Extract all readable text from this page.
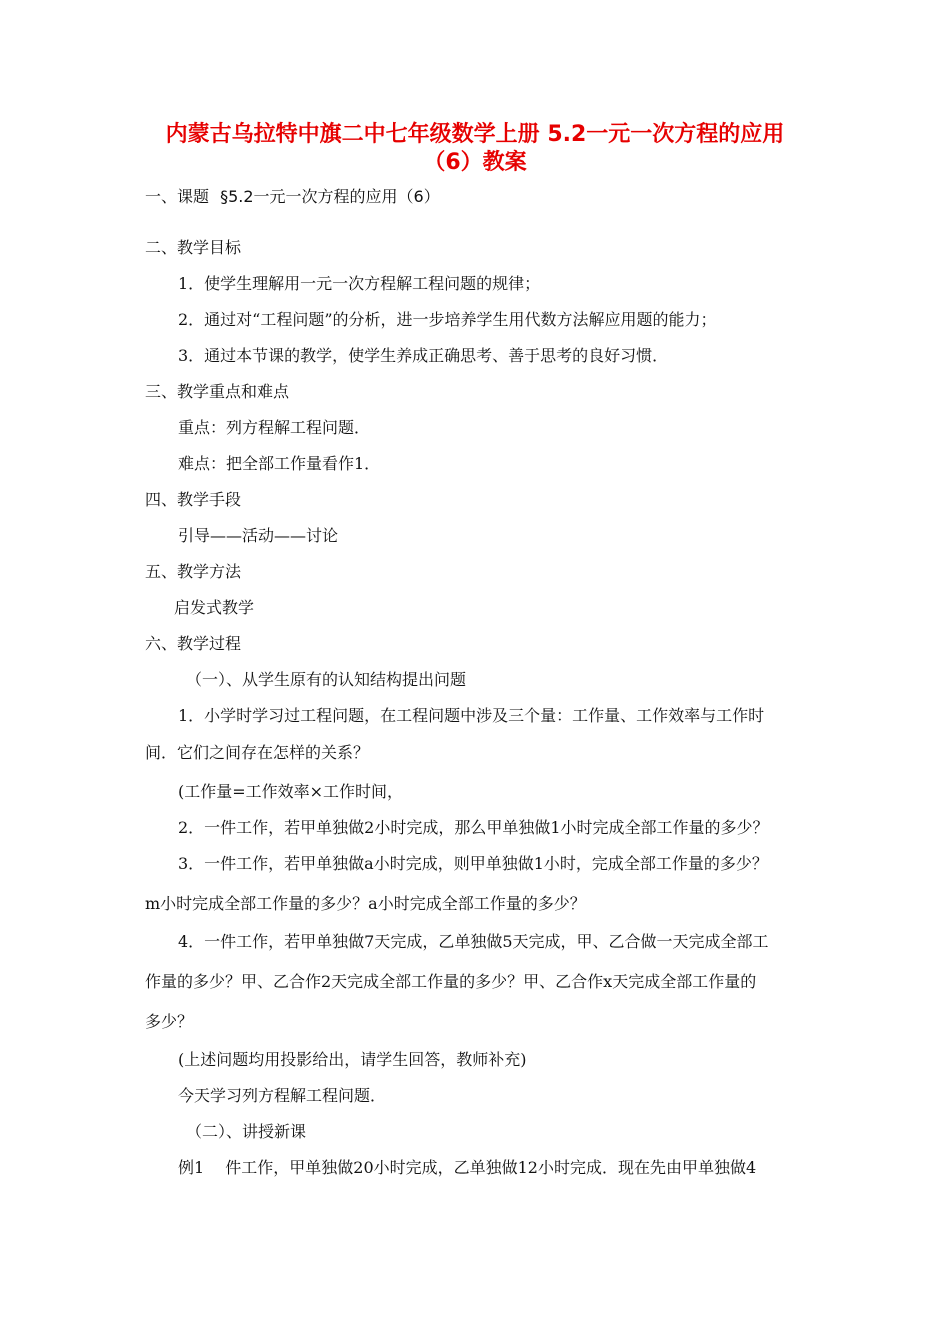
内蒙古乌拉特中旗二中七年级数学上册 5.2一元一次方程的应用
（6）教案

一、课题 §5.2一元一次方程的应用（6）

二、教学目标

1．使学生理解用一元一次方程解工程问题的规律；

2．通过对“工程问题”的分析，进一步培养学生用代数方法解应用题的能力；

3．通过本节课的教学，使学生养成正确思考、善于思考的良好习惯．

三、教学重点和难点

重点：列方程解工程问题．

难点：把全部工作量看作1．

四、教学手段

引导——活动——讨论

五、教学方法

启发式教学

六、教学过程

（一）、从学生原有的认知结构提出问题

1．小学时学习过工程问题，在工程问题中涉及三个量：工作量、工作效率与工作时

间．它们之间存在怎样的关系？

(工作量=工作效率×工作时间，

2．一件工作，若甲单独做2小时完成，那么甲单独做1小时完成全部工作量的多少？

3．一件工作，若甲单独做a小时完成，则甲单独做1小时，完成全部工作量的多少？

m小时完成全部工作量的多少？a小时完成全部工作量的多少？

4．一件工作，若甲单独做7天完成，乙单独做5天完成，甲、乙合做一天完成全部工

作量的多少？甲、乙合作2天完成全部工作量的多少？甲、乙合作x天完成全部工作量的

多少？

(上述问题均用投影给出，请学生回答，教师补充)

今天学习列方程解工程问题．

（二）、讲授新课

例1　 件工作，甲单独做20小时完成，乙单独做12小时完成．现在先由甲单独做4
